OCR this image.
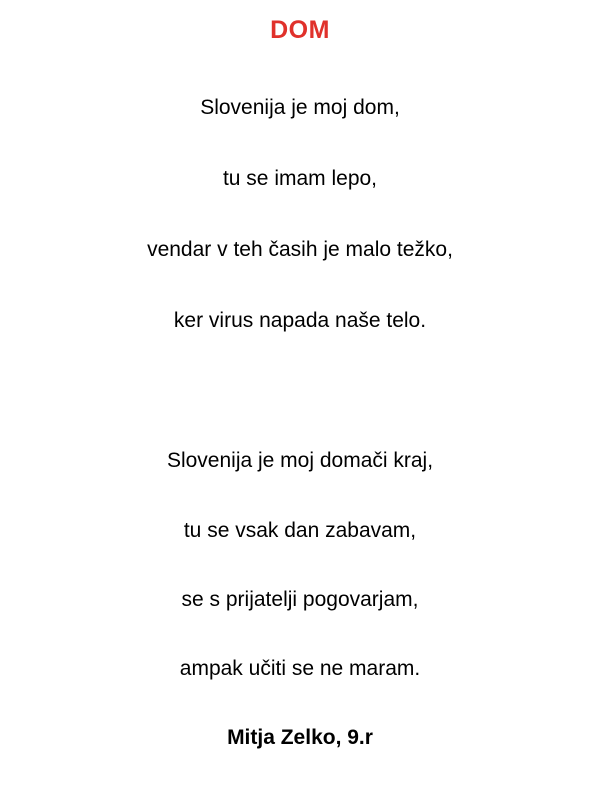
DOM
Slovenija je moj dom,
tu se imam lepo,
vendar v teh časih je malo težko,
ker virus napada naše telo.
Slovenija je moj domači kraj,
tu se vsak dan zabavam,
se s prijatelji pogovarjam,
ampak učiti se ne maram.
Mitja Zelko, 9.r
